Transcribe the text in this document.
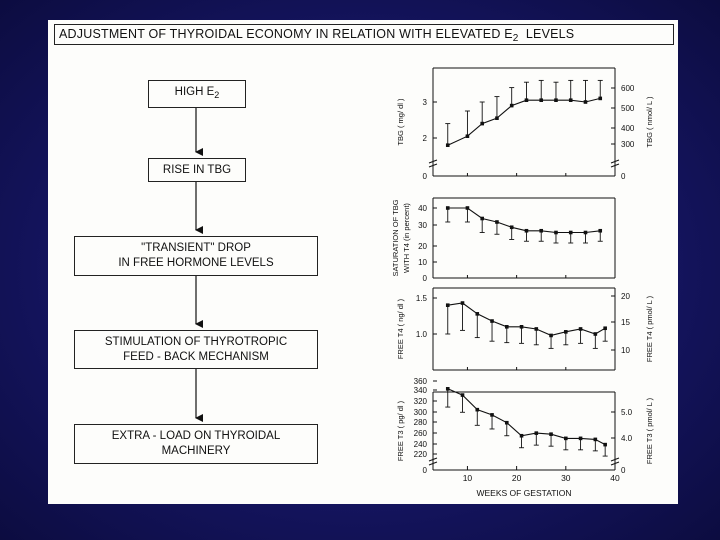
ADJUSTMENT OF THYROIDAL ECONOMY IN RELATION WITH ELEVATED $E_2$ LEVELS
HIGH $E_2$
RISE IN TBG
"TRANSIENT" DROP
IN FREE HORMONE LEVELS
STIMULATION OF THYROTROPIC
FEED - BACK MECHANISM
EXTRA - LOAD ON THYROIDAL
MACHINERY
0
2
3
0
300
400
500
600
TBG ( mg/ dl )	TBG ( nmol/ L )
0
10
20
30
40
SATURATION OF TBG WITH T4 (in percent)
1.0
1.5
10
15
20
FREE T4 ( ng/ dl )	FREE T4 ( pmol/ L )
0
220
240
260
280
300
320
340
360
0
4.0
5.0
FREE T3 ( pg/ dl )	FREE T3 ( pmol/ L )
10	20	30	40
WEEKS OF GESTATION
